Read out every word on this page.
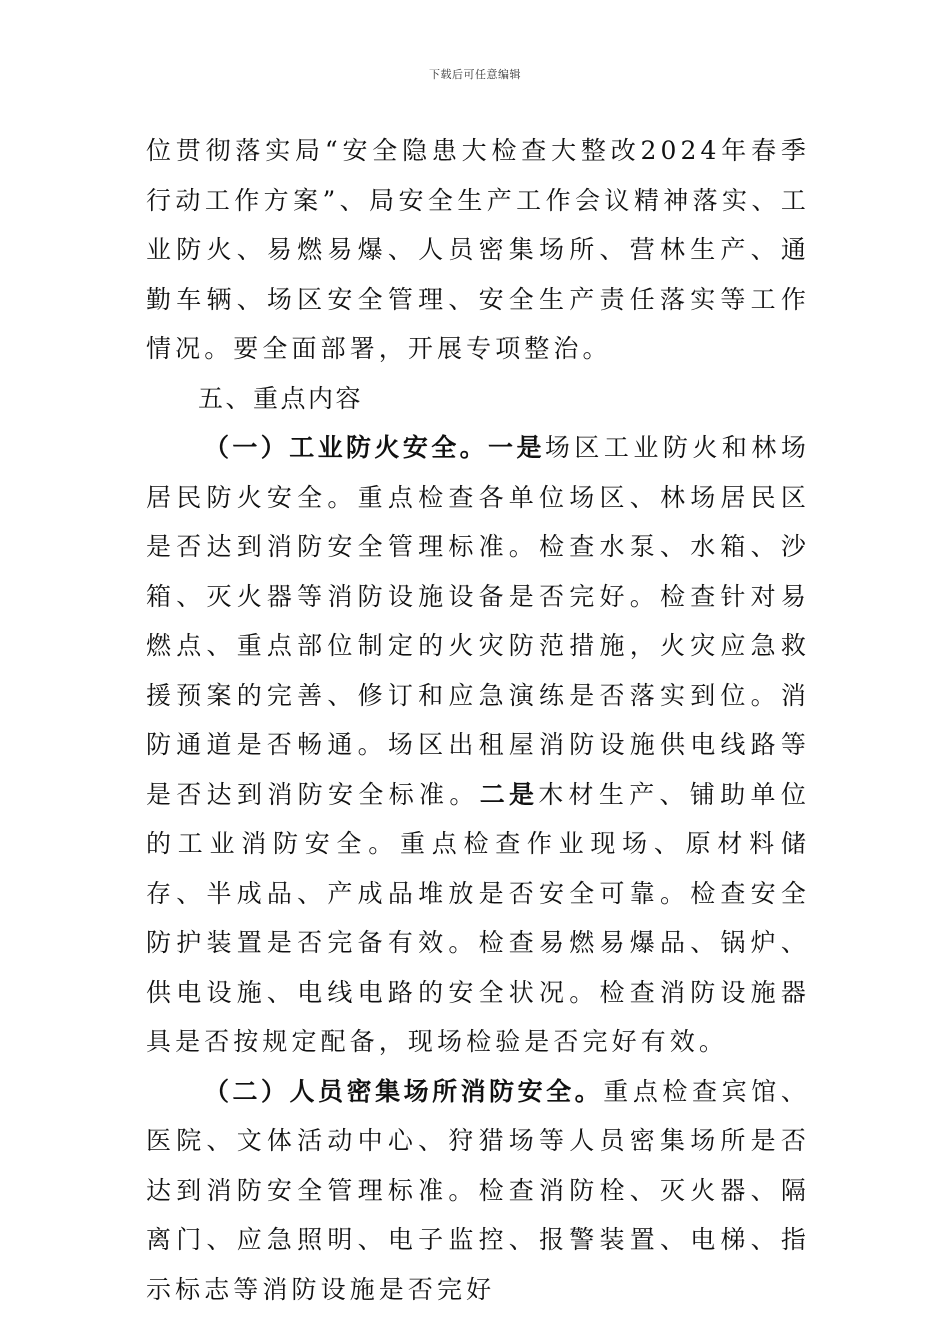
下载后可任意编辑

位贯彻落实局“安全隐患大检查大整改2024年春季行动工作方案”、局安全生产工作会议精神落实、工业防火、易燃易爆、人员密集场所、营林生产、通勤车辆、场区安全管理、安全生产责任落实等工作情况。要全面部署，开展专项整治。

五、重点内容

（一）工业防火安全。一是场区工业防火和林场居民防火安全。重点检查各单位场区、林场居民区是否达到消防安全管理标准。检查水泵、水箱、沙箱、灭火器等消防设施设备是否完好。检查针对易燃点、重点部位制定的火灾防范措施，火灾应急救援预案的完善、修订和应急演练是否落实到位。消防通道是否畅通。场区出租屋消防设施供电线路等是否达到消防安全标准。二是木材生产、铺助单位的工业消防安全。重点检查作业现场、原材料储存、半成品、产成品堆放是否安全可靠。检查安全防护装置是否完备有效。检查易燃易爆品、锅炉、供电设施、电线电路的安全状况。检查消防设施器具是否按规定配备，现场检验是否完好有效。

（二）人员密集场所消防安全。重点检查宾馆、医院、文体活动中心、狩猎场等人员密集场所是否达到消防安全管理标准。检查消防栓、灭火器、隔离门、应急照明、电子监控、报警装置、电梯、指示标志等消防设施是否完好
